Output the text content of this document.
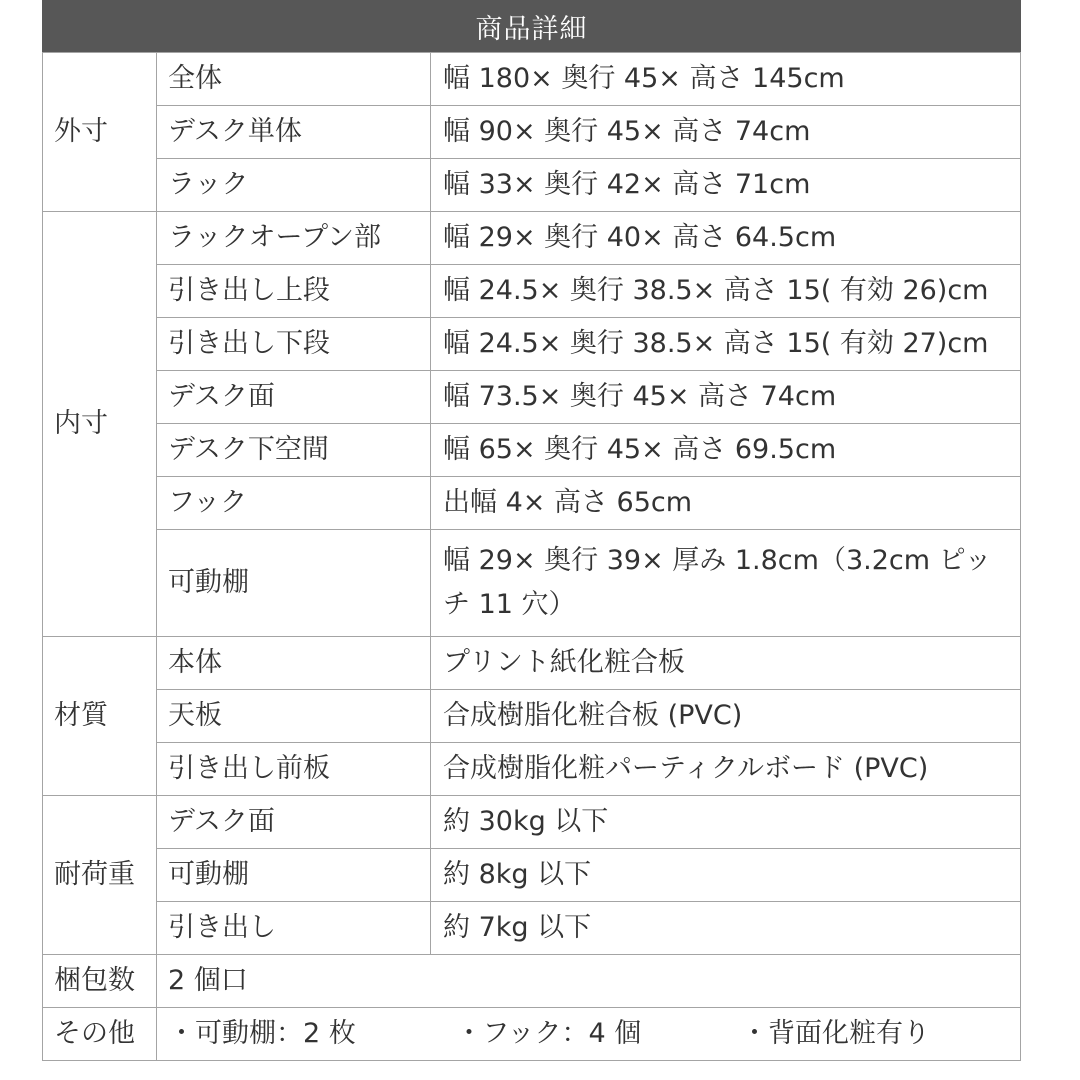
商品詳細
外寸	全体	幅 180× 奥行 45× 高さ 145cm
	デスク単体	幅 90× 奥行 45× 高さ 74cm
	ラック	幅 33× 奥行 42× 高さ 71cm
内寸	ラックオープン部	幅 29× 奥行 40× 高さ 64.5cm
	引き出し上段	幅 24.5× 奥行 38.5× 高さ 15( 有効 26)cm
	引き出し下段	幅 24.5× 奥行 38.5× 高さ 15( 有効 27)cm
	デスク面	幅 73.5× 奥行 45× 高さ 74cm
	デスク下空間	幅 65× 奥行 45× 高さ 69.5cm
	フック	出幅 4× 高さ 65cm
	可動棚	幅 29× 奥行 39× 厚み 1.8cm（3.2cm ピッチ 11 穴）
材質	本体	プリント紙化粧合板
	天板	合成樹脂化粧合板 (PVC)
	引き出し前板	合成樹脂化粧パーティクルボード (PVC)
耐荷重	デスク面	約 30kg 以下
	可動棚	約 8kg 以下
	引き出し	約 7kg 以下
梱包数	2 個口	
その他	・可動棚：2 枚 ・フック：4 個 ・背面化粧有り	
